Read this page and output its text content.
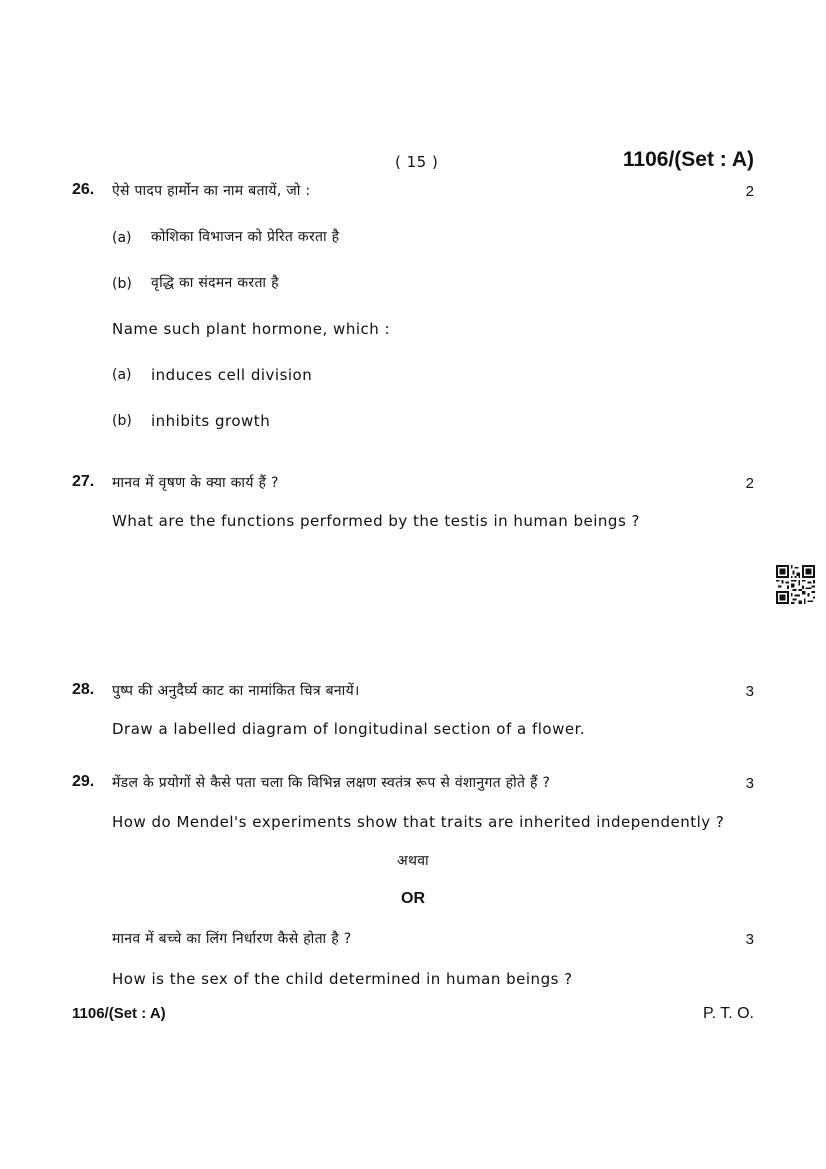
( 15 )	1106/(Set : A)
26. ऐसे पादप हार्मोन का नाम बतायें, जो :	2
(a) कोशिका विभाजन को प्रेरित करता है
(b) वृद्धि का संदमन करता है
Name such plant hormone, which :
(a) induces cell division
(b) inhibits growth
27. मानव में वृषण के क्या कार्य हैं ?	2
What are the functions performed by the testis in human beings ?
28. पुष्प की अनुदैर्घ्य काट का नामांकित चित्र बनायें।	3
Draw a labelled diagram of longitudinal section of a flower.
29. मेंडल के प्रयोगों से कैसे पता चला कि विभिन्न लक्षण स्वतंत्र रूप से वंशानुगत होते हैं ?	3
How do Mendel's experiments show that traits are inherited independently ?
अथवा
OR
मानव में बच्चे का लिंग निर्धारण कैसे होता है ?	3
How is the sex of the child determined in human beings ?
1106/(Set : A)	P. T. O.
